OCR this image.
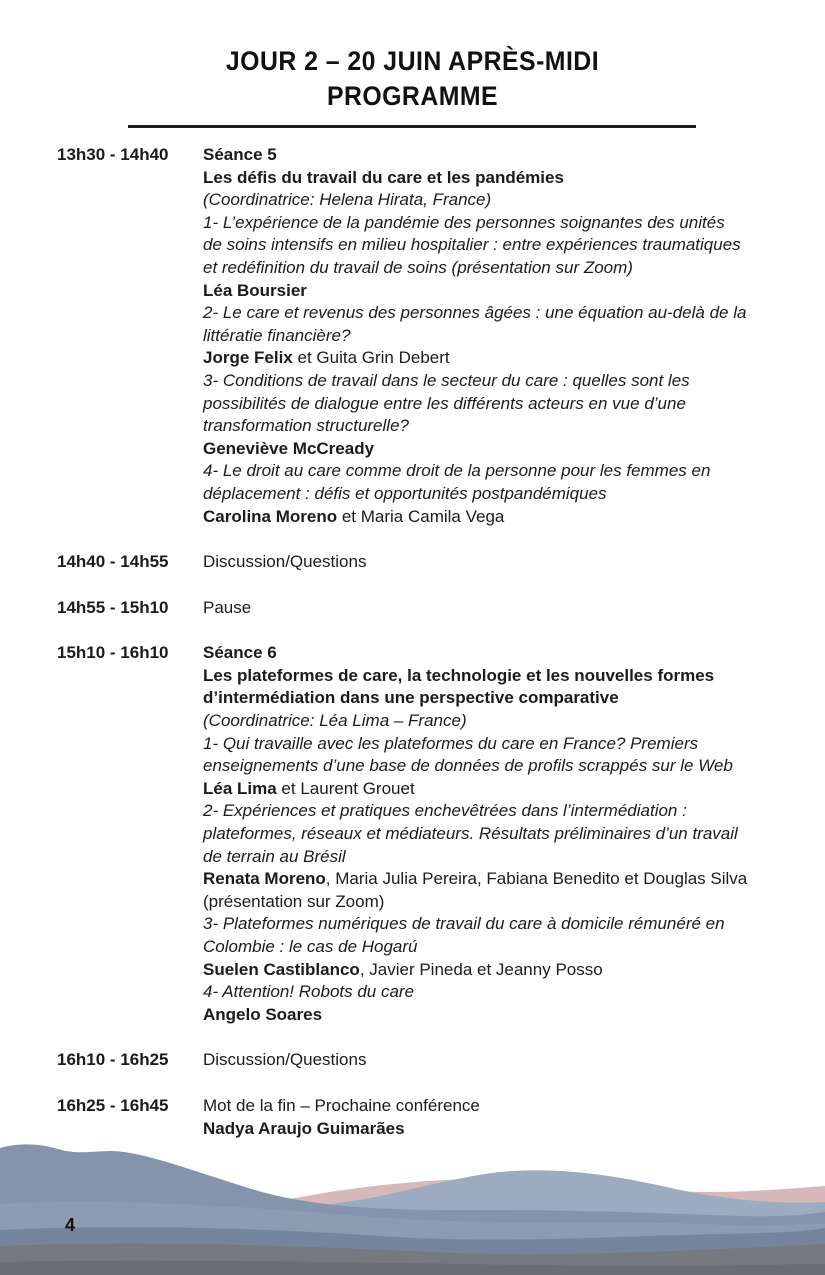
JOUR 2 – 20 JUIN APRÈS-MIDI
PROGRAMME
13h30 - 14h40	Séance 5
Les défis du travail du care et les pandémies
(Coordinatrice: Helena Hirata, France)
1- L’expérience de la pandémie des personnes soignantes des unités de soins intensifs en milieu hospitalier : entre expériences traumatiques et redéfinition du travail de soins (présentation sur Zoom)
Léa Boursier
2- Le care et revenus des personnes âgées : une équation au-delà de la littératie financière?
Jorge Felix et Guita Grin Debert
3- Conditions de travail dans le secteur du care : quelles sont les possibilités de dialogue entre les différents acteurs en vue d’une transformation structurelle?
Geneviève McCready
4- Le droit au care comme droit de la personne pour les femmes en déplacement : défis et opportunités postpandémiques
Carolina Moreno et Maria Camila Vega
14h40 - 14h55	Discussion/Questions
14h55 - 15h10	Pause
15h10 - 16h10	Séance 6
Les plateformes de care, la technologie et les nouvelles formes d’intermédiation dans une perspective comparative
(Coordinatrice: Léa Lima – France)
1- Qui travaille avec les plateformes du care en France? Premiers enseignements d’une base de données de profils scrappés sur le Web
Léa Lima et Laurent Grouet
2- Expériences et pratiques enchevêtrées dans l’intermédiation : plateformes, réseaux et médiateurs. Résultats préliminaires d’un travail de terrain au Brésil
Renata Moreno, Maria Julia Pereira, Fabiana Benedito et Douglas Silva (présentation sur Zoom)
3- Plateformes numériques de travail du care à domicile rémunéré en Colombie : le cas de Hogarú
Suelen Castiblanco, Javier Pineda et Jeanny Posso
4- Attention! Robots du care
Angelo Soares
16h10 - 16h25	Discussion/Questions
16h25 - 16h45	Mot de la fin – Prochaine conférence
Nadya Araujo Guimarães
4
